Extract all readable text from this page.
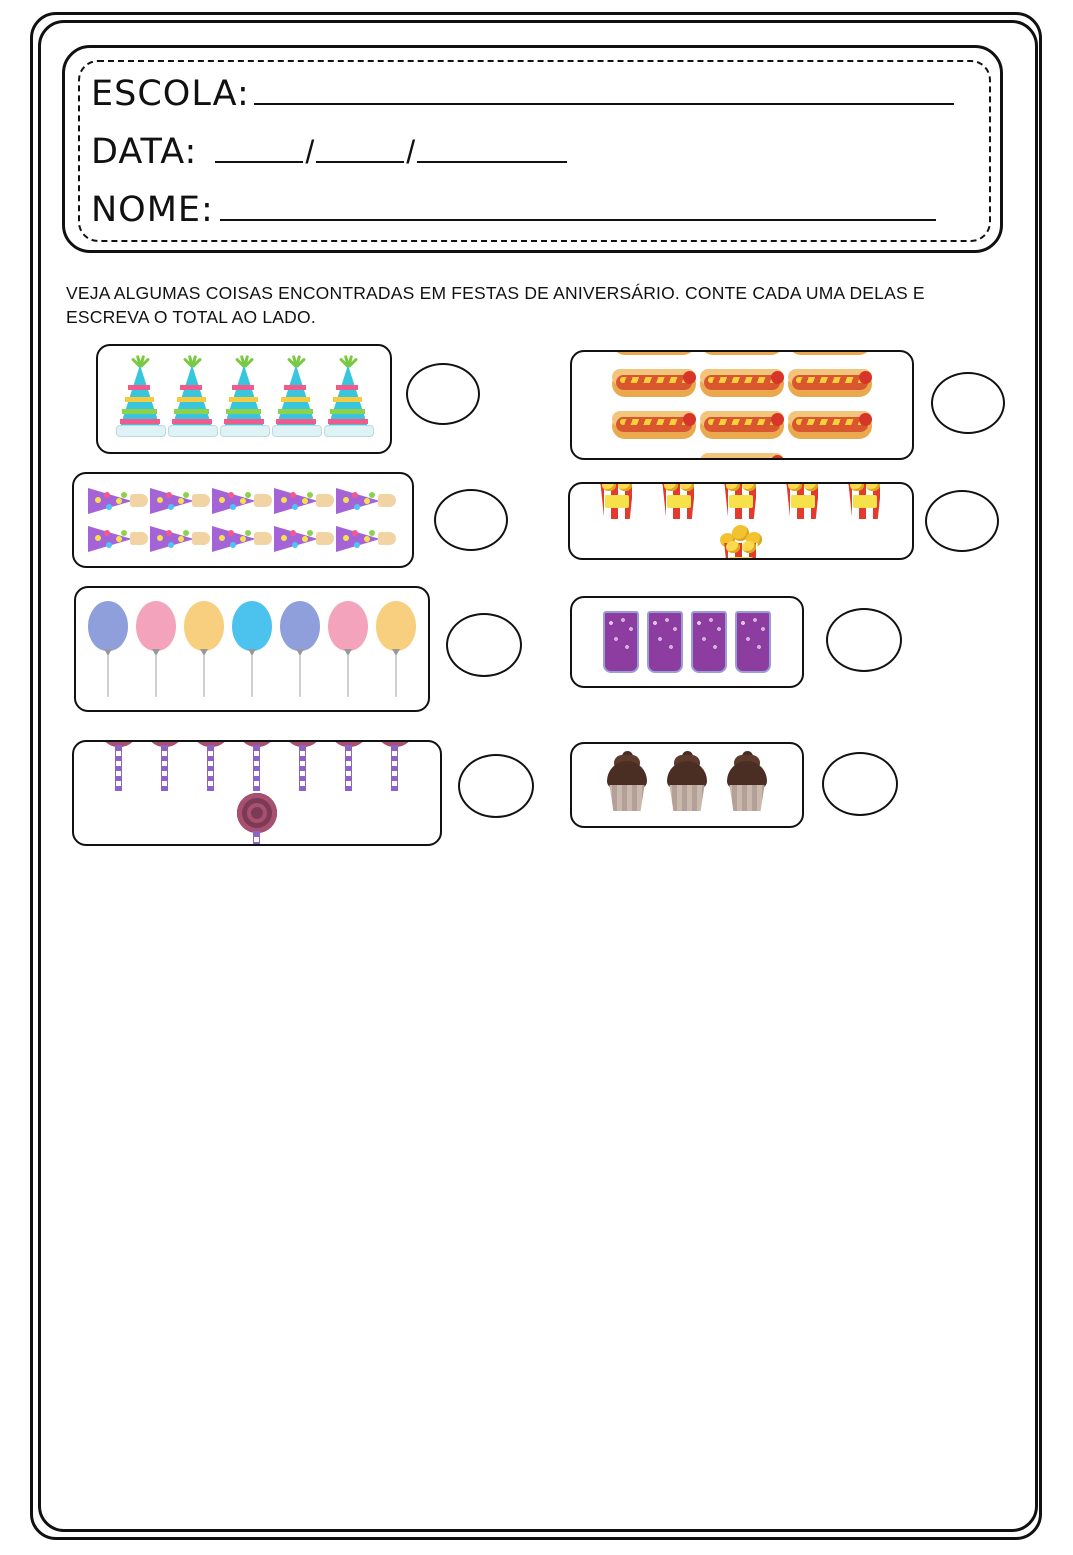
ESCOLA:
DATA:	/	/
NOME:
VEJA ALGUMAS COISAS ENCONTRADAS EM FESTAS DE ANIVERSÁRIO. CONTE CADA UMA DELAS E ESCREVA O TOTAL AO LADO.
